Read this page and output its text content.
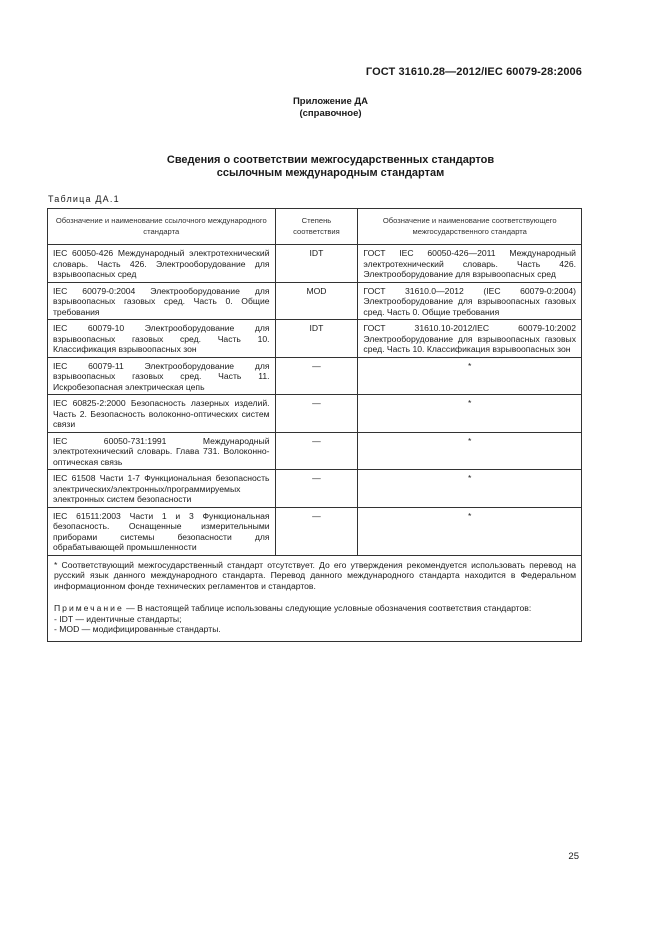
ГОСТ 31610.28—2012/IEC 60079-28:2006
Приложение ДА
(справочное)
Сведения о соответствии межгосударственных стандартов
ссылочным международным стандартам
Таблица ДА.1
Обозначение и наименование ссылочного международного стандарта	Степень соответствия	Обозначение и наименование соответствующего межгосударственного стандарта
IEC 60050-426 Международный электротехнический словарь. Часть 426. Электрооборудование для взрывоопасных сред	IDT	ГОСТ IEC 60050-426—2011 Международный электротехнический словарь. Часть 426. Электрооборудование для взрывоопасных сред
IEC 60079-0:2004 Электрооборудование для взрывоопасных газовых сред. Часть 0. Общие требования	MOD	ГОСТ 31610.0—2012 (IEC 60079-0:2004) Электрооборудование для взрывоопасных газовых сред. Часть 0. Общие требования
IEC 60079-10 Электрооборудование для взрывоопасных газовых сред. Часть 10. Классификация взрывоопасных зон	IDT	ГОСТ 31610.10-2012/IEC 60079-10:2002 Электрооборудование для взрывоопасных газовых сред. Часть 10. Классификация взрывоопасных зон
IEC 60079-11 Электрооборудование для взрывоопасных газовых сред. Часть 11. Искробезопасная электрическая цепь	—	*
IEC 60825-2:2000 Безопасность лазерных изделий. Часть 2. Безопасность волоконно-оптических систем связи	—	*
IEC 60050-731:1991 Международный электротехнический словарь. Глава 731. Волоконно-оптическая связь	—	*
IEC 61508 Части 1-7 Функциональная безопасность электрических/электронных/программируемых электронных систем безопасности	—	*
IEC 61511:2003 Части 1 и 3 Функциональная безопасность. Оснащенные измерительными приборами системы безопасности для обрабатывающей промышленности	—	*

* Соответствующий межгосударственный стандарт отсутствует. До его утверждения рекомендуется использовать перевод на русский язык данного международного стандарта. Перевод данного международного стандарта находится в Федеральном информационном фонде технических регламентов и стандартов.
Примечание — В настоящей таблице использованы следующие условные обозначения соответствия стандартов:
- IDT — идентичные стандарты;
- MOD — модифицированные стандарты.		
25
